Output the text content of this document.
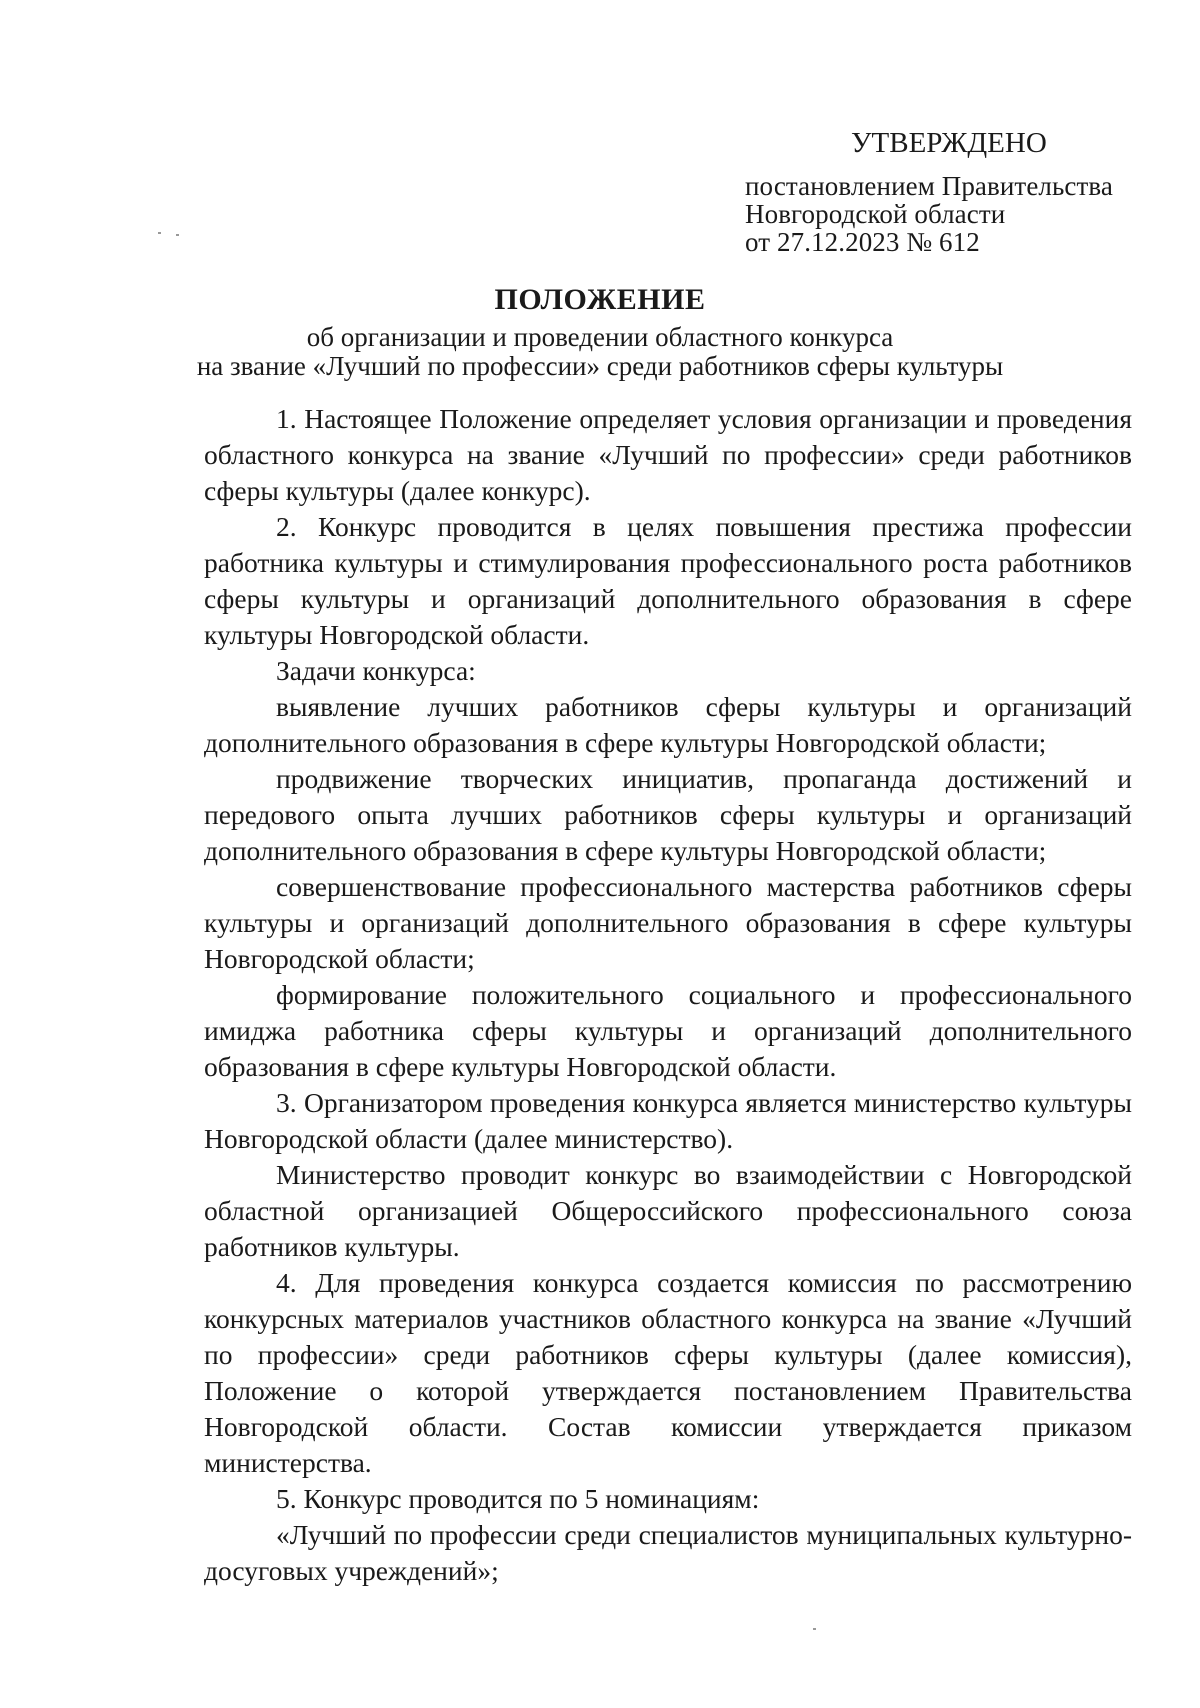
УТВЕРЖДЕНО
постановлением Правительства
Новгородской области
от 27.12.2023 № 612
ПОЛОЖЕНИЕ
об организации и проведении областного конкурса
на звание «Лучший по профессии» среди работников сферы культуры

1. Настоящее Положение определяет условия организации и проведения областного конкурса на звание «Лучший по профессии» среди работников сферы культуры (далее конкурс).

2. Конкурс проводится в целях повышения престижа профессии работника культуры и стимулирования профессионального роста работников сферы культуры и организаций дополнительного образования в сфере культуры Новгородской области.

Задачи конкурса:

выявление лучших работников сферы культуры и организаций дополнительного образования в сфере культуры Новгородской области;

продвижение творческих инициатив, пропаганда достижений и передового опыта лучших работников сферы культуры и организаций дополнительного образования в сфере культуры Новгородской области;

совершенствование профессионального мастерства работников сферы культуры и организаций дополнительного образования в сфере культуры Новгородской области;

формирование положительного социального и профессионального имиджа работника сферы культуры и организаций дополнительного образования в сфере культуры Новгородской области.

3. Организатором проведения конкурса является министерство культуры Новгородской области (далее министерство).

Министерство проводит конкурс во взаимодействии с Новгородской областной организацией Общероссийского профессионального союза работников культуры.

4. Для проведения конкурса создается комиссия по рассмотрению конкурсных материалов участников областного конкурса на звание «Лучший по профессии» среди работников сферы культуры (далее комиссия), Положение о которой утверждается постановлением Правительства Новгородской области. Состав комиссии утверждается приказом министерства.

5. Конкурс проводится по 5 номинациям:

«Лучший по профессии среди специалистов муниципальных культурно-досуговых учреждений»;
